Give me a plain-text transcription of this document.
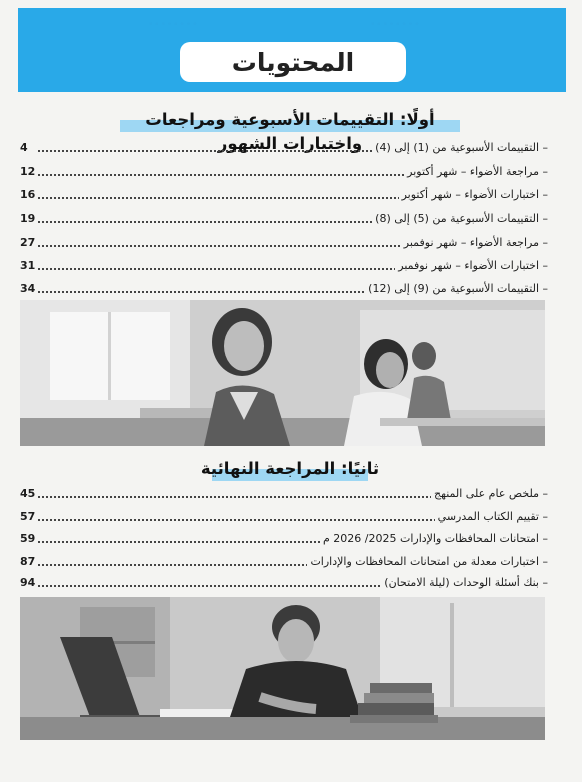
••••••••	••••••••
المحتويات
أولًا: التقييمات الأسبوعية ومراجعات واختبارات الشهور
4	– التقييمات الأسبوعية من (1) إلى (4)
12	– مراجعة الأضواء – شهر أكتوبر
16	– اختبارات الأضواء – شهر أكتوبر
19	– التقييمات الأسبوعية من (5) إلى (8)
27	– مراجعة الأضواء – شهر نوفمبر
31	– اختبارات الأضواء – شهر نوفمبر
34	– التقييمات الأسبوعية من (9) إلى (12)
ثانيًا: المراجعة النهائية
45	– ملخص عام على المنهج
57	– تقييم الكتاب المدرسي
59	– امتحانات المحافظات والإدارات 2025/ 2026 م
87	– اختبارات معدلة من امتحانات المحافظات والإدارات
94	– بنك أسئلة الوحدات (ليلة الامتحان)
